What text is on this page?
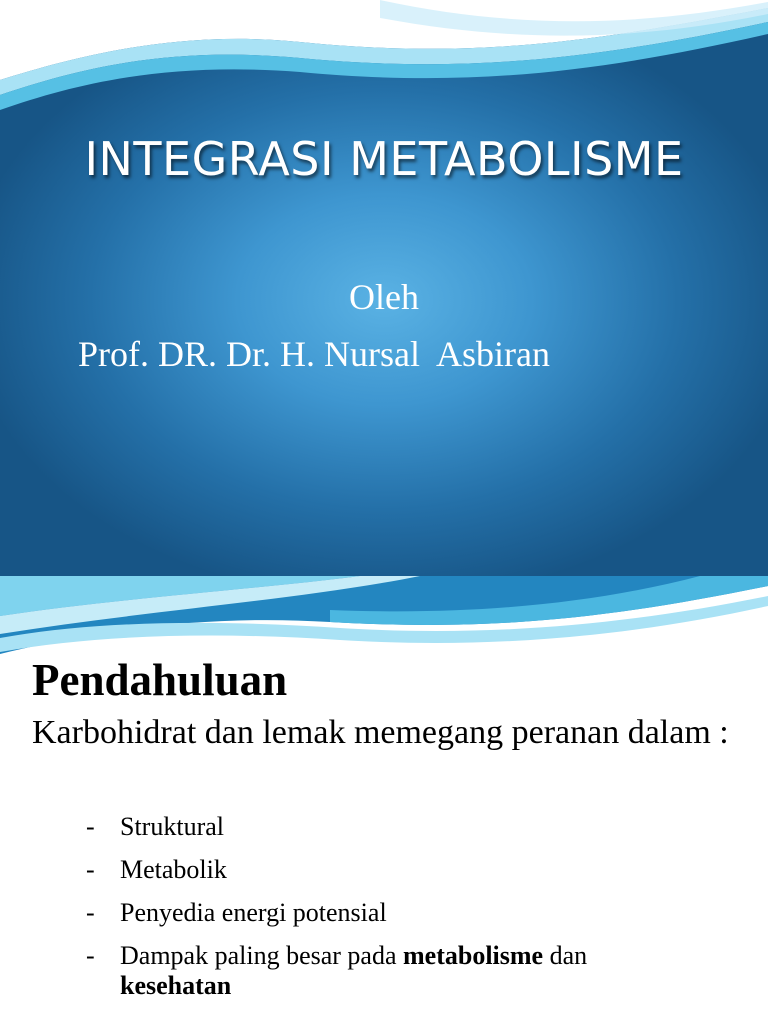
INTEGRASI METABOLISME
Oleh
Prof. DR. Dr. H. Nursal  Asbiran
Pendahuluan
Karbohidrat dan lemak memegang peranan dalam :
- Struktural
- Metabolik
- Penyedia energi potensial
- Dampak paling besar pada metabolisme dan
kesehatan
